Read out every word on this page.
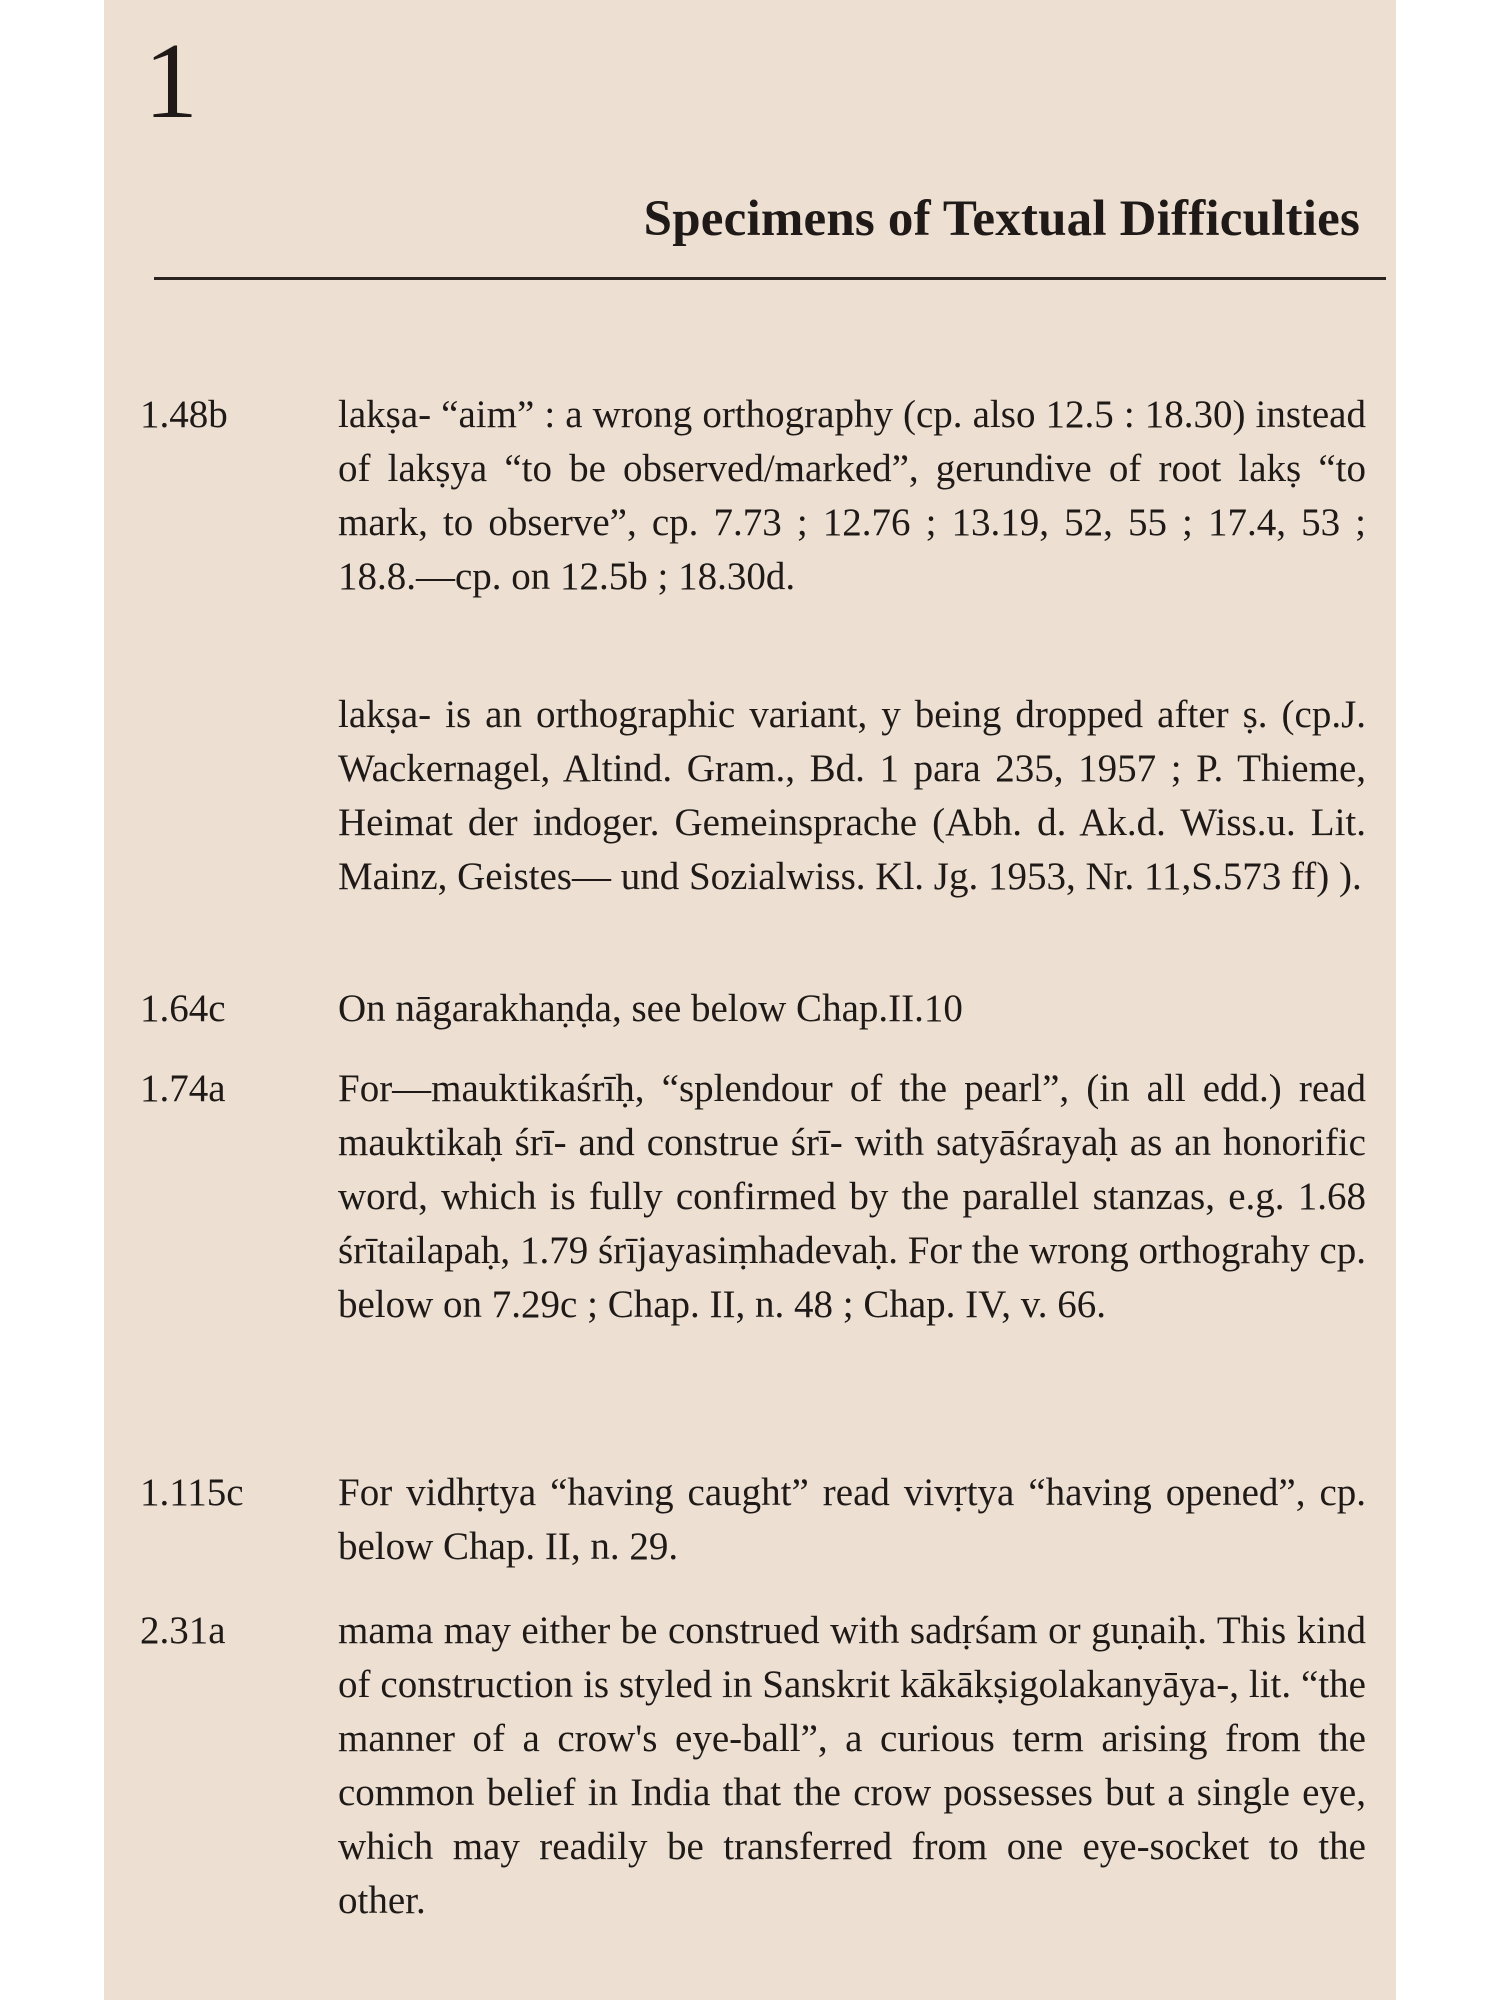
1
Specimens of Textual Difficulties
1.48b	lakṣa- “aim” : a wrong orthography (cp. also 12.5 : 18.30) instead of lakṣya “to be observed/marked”, gerundive of root lakṣ “to mark, to observe”, cp. 7.73 ; 12.76 ; 13.19, 52, 55 ; 17.4, 53 ; 18.8.—cp. on 12.5b ; 18.30d.
lakṣa- is an orthographic variant, y being dropped after ṣ. (cp.J. Wackernagel, Altind. Gram., Bd. 1 para 235, 1957 ; P. Thieme, Heimat der indoger. Gemeinsprache (Abh. d. Ak.d. Wiss.u. Lit. Mainz, Geistes— und Sozialwiss. Kl. Jg. 1953, Nr. 11,S.573 ff) ).
1.64c	On nāgarakhaṇḍa, see below Chap.II.10
1.74a	For—mauktikaśrīḥ, “splendour of the pearl”, (in all edd.) read mauktikaḥ śrī- and construe śrī- with satyāśrayaḥ as an honorific word, which is fully confirmed by the parallel stanzas, e.g. 1.68 śrītailapaḥ, 1.79 śrījayasiṃhadevaḥ. For the wrong orthograhy cp. below on 7.29c ; Chap. II, n. 48 ; Chap. IV, v. 66.
1.115c For vidhṛtya “having caught” read vivṛtya “having opened”, cp. below Chap. II, n. 29.
2.31a	mama may either be construed with sadṛśam or guṇaiḥ. This kind of construction is styled in Sanskrit kākākṣigolakanyāya-, lit. “the manner of a crow's eye-ball”, a curious term arising from the common belief in India that the crow possesses but a single eye, which may readily be transferred from one eye-socket to the other.
